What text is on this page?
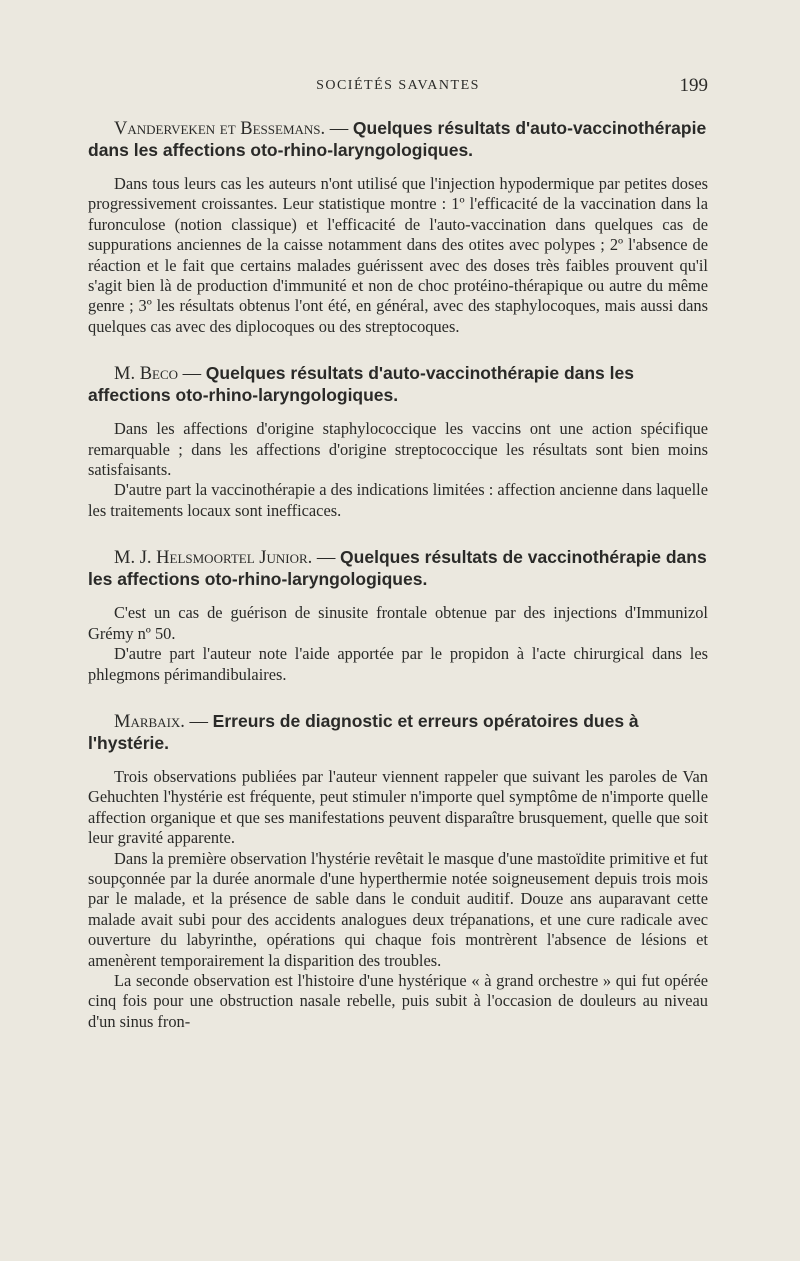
SOCIÉTÉS SAVANTES	199
Vanderveken et Bessemans. — Quelques résultats d'auto-vaccinothérapie dans les affections oto-rhino-laryngologiques.

Dans tous leurs cas les auteurs n'ont utilisé que l'injection hypodermique par petites doses progressivement croissantes. Leur statistique montre : 1º l'efficacité de la vaccination dans la furonculose (notion classique) et l'efficacité de l'auto-vaccination dans quelques cas de suppurations anciennes de la caisse notamment dans des otites avec polypes ; 2º l'absence de réaction et le fait que certains malades guérissent avec des doses très faibles prouvent qu'il s'agit bien là de production d'immunité et non de choc protéino-thérapique ou autre du même genre ; 3º les résultats obtenus l'ont été, en général, avec des staphylocoques, mais aussi dans quelques cas avec des diplocoques ou des streptocoques.

M. Beco — Quelques résultats d'auto-vaccinothérapie dans les affections oto-rhino-laryngologiques.

Dans les affections d'origine staphylococcique les vaccins ont une action spécifique remarquable ; dans les affections d'origine streptococcique les résultats sont bien moins satisfaisants.

D'autre part la vaccinothérapie a des indications limitées : affection ancienne dans laquelle les traitements locaux sont inefficaces.

M. J. Helsmoortel Junior. — Quelques résultats de vaccinothérapie dans les affections oto-rhino-laryngologiques.

C'est un cas de guérison de sinusite frontale obtenue par des injections d'Immunizol Grémy nº 50.

D'autre part l'auteur note l'aide apportée par le propidon à l'acte chirurgical dans les phlegmons périmandibulaires.

Marbaix. — Erreurs de diagnostic et erreurs opératoires dues à l'hystérie.

Trois observations publiées par l'auteur viennent rappeler que suivant les paroles de Van Gehuchten l'hystérie est fréquente, peut stimuler n'importe quel symptôme de n'importe quelle affection organique et que ses manifestations peuvent disparaître brusquement, quelle que soit leur gravité apparente.

Dans la première observation l'hystérie revêtait le masque d'une mastoïdite primitive et fut soupçonnée par la durée anormale d'une hyperthermie notée soigneusement depuis trois mois par le malade, et la présence de sable dans le conduit auditif. Douze ans auparavant cette malade avait subi pour des accidents analogues deux trépanations, et une cure radicale avec ouverture du labyrinthe, opérations qui chaque fois montrèrent l'absence de lésions et amenèrent temporairement la disparition des troubles.

La seconde observation est l'histoire d'une hystérique « à grand orchestre » qui fut opérée cinq fois pour une obstruction nasale rebelle, puis subit à l'occasion de douleurs au niveau d'un sinus fron-
